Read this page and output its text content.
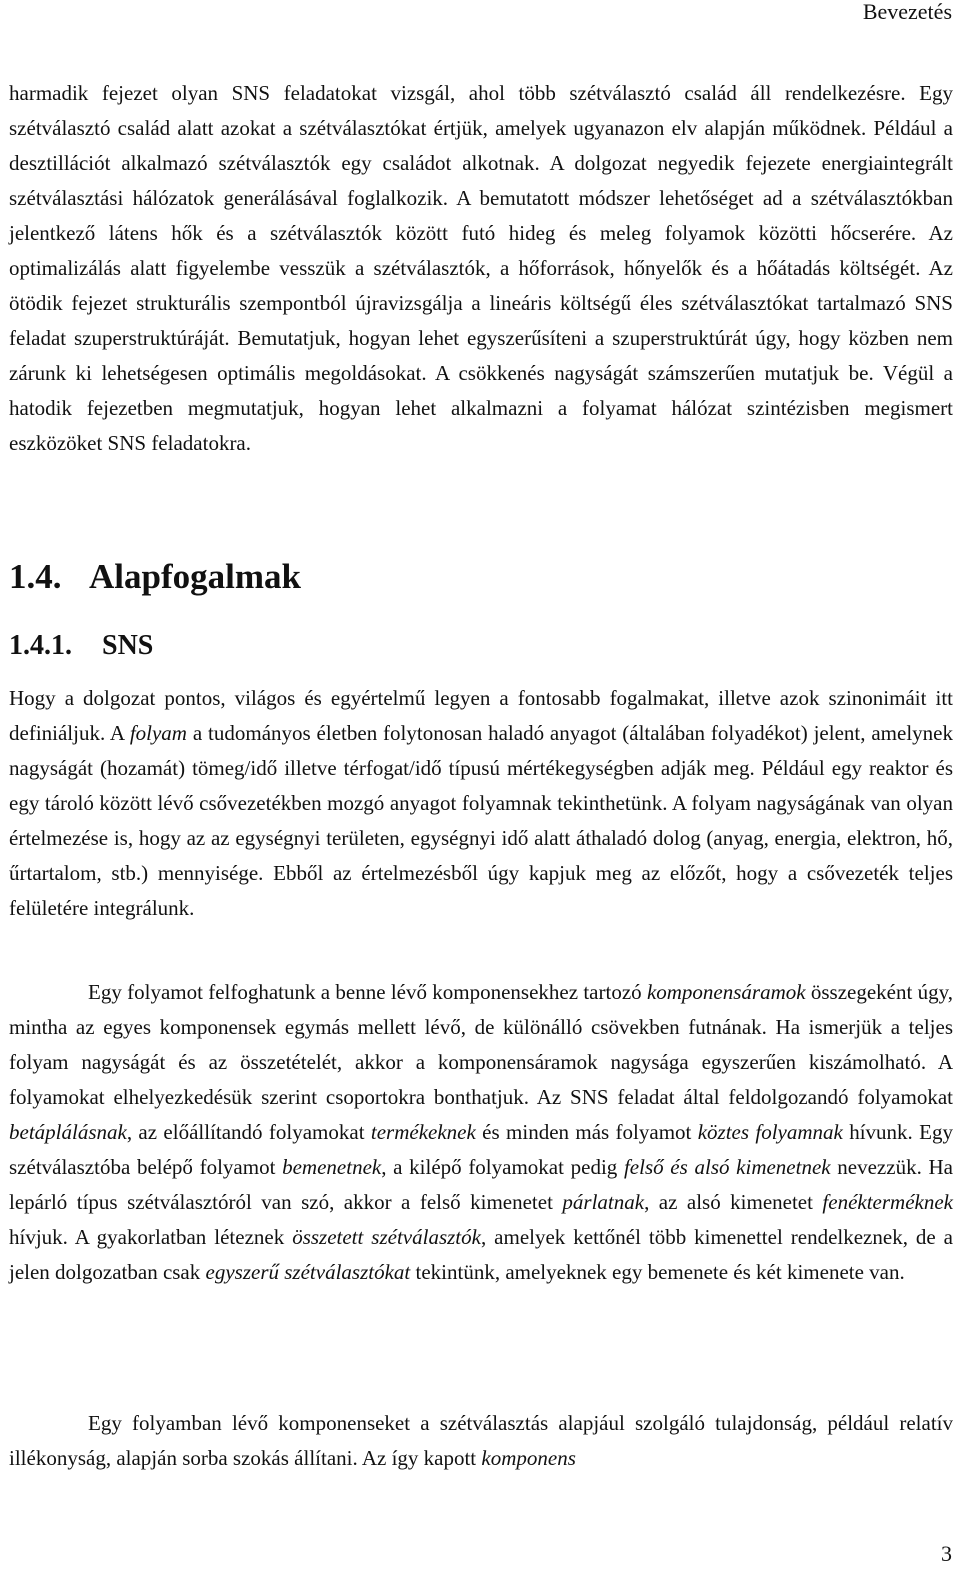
Bevezetés

harmadik fejezet olyan SNS feladatokat vizsgál, ahol több szétválasztó család áll rendelkezésre. Egy szétválasztó család alatt azokat a szétválasztókat értjük, amelyek ugyanazon elv alapján működnek. Például a desztillációt alkalmazó szétválasztók egy családot alkotnak. A dolgozat negyedik fejezete energiaintegrált szétválasztási hálózatok generálásával foglalkozik. A bemutatott módszer lehetőséget ad a szétválasztókban jelentkező látens hők és a szétválasztók között futó hideg és meleg folyamok közötti hőcserére. Az optimalizálás alatt figyelembe vesszük a szétválasztók, a hőforrások, hőnyelők és a hőátadás költségét. Az ötödik fejezet strukturális szempontból újravizsgálja a lineáris költségű éles szétválasztókat tartalmazó SNS feladat szuperstruktúráját. Bemutatjuk, hogyan lehet egyszerűsíteni a szuperstruktúrát úgy, hogy közben nem zárunk ki lehetségesen optimális megoldásokat. A csökkenés nagyságát számszerűen mutatjuk be. Végül a hatodik fejezetben megmutatjuk, hogyan lehet alkalmazni a folyamat hálózat szintézisben megismert eszközöket SNS feladatokra.

1.4. Alapfogalmak
1.4.1. SNS

Hogy a dolgozat pontos, világos és egyértelmű legyen a fontosabb fogalmakat, illetve azok szinonimáit itt definiáljuk. A folyam a tudományos életben folytonosan haladó anyagot (általában folyadékot) jelent, amelynek nagyságát (hozamát) tömeg/idő illetve térfogat/idő típusú mértékegységben adják meg. Például egy reaktor és egy tároló között lévő csővezetékben mozgó anyagot folyamnak tekinthetünk. A folyam nagyságának van olyan értelmezése is, hogy az az egységnyi területen, egységnyi idő alatt áthaladó dolog (anyag, energia, elektron, hő, űrtartalom, stb.) mennyisége. Ebből az értelmezésből úgy kapjuk meg az előzőt, hogy a csővezeték teljes felületére integrálunk.

Egy folyamot felfoghatunk a benne lévő komponensekhez tartozó komponensáramok összegeként úgy, mintha az egyes komponensek egymás mellett lévő, de különálló csövekben futnának. Ha ismerjük a teljes folyam nagyságát és az összetételét, akkor a komponensáramok nagysága egyszerűen kiszámolható. A folyamokat elhelyezkedésük szerint csoportokra bonthatjuk. Az SNS feladat által feldolgozandó folyamokat betáplálásnak, az előállítandó folyamokat termékeknek és minden más folyamot köztes folyamnak hívunk. Egy szétválasztóba belépő folyamot bemenetnek, a kilépő folyamokat pedig felső és alsó kimenetnek nevezzük. Ha lepárló típus szétválasztóról van szó, akkor a felső kimenetet párlatnak, az alsó kimenetet fenékterméknek hívjuk. A gyakorlatban léteznek összetett szétválasztók, amelyek kettőnél több kimenettel rendelkeznek, de a jelen dolgozatban csak egyszerű szétválasztókat tekintünk, amelyeknek egy bemenete és két kimenete van.

Egy folyamban lévő komponenseket a szétválasztás alapjául szolgáló tulajdonság, például relatív illékonyság, alapján sorba szokás állítani. Az így kapott komponens

3
